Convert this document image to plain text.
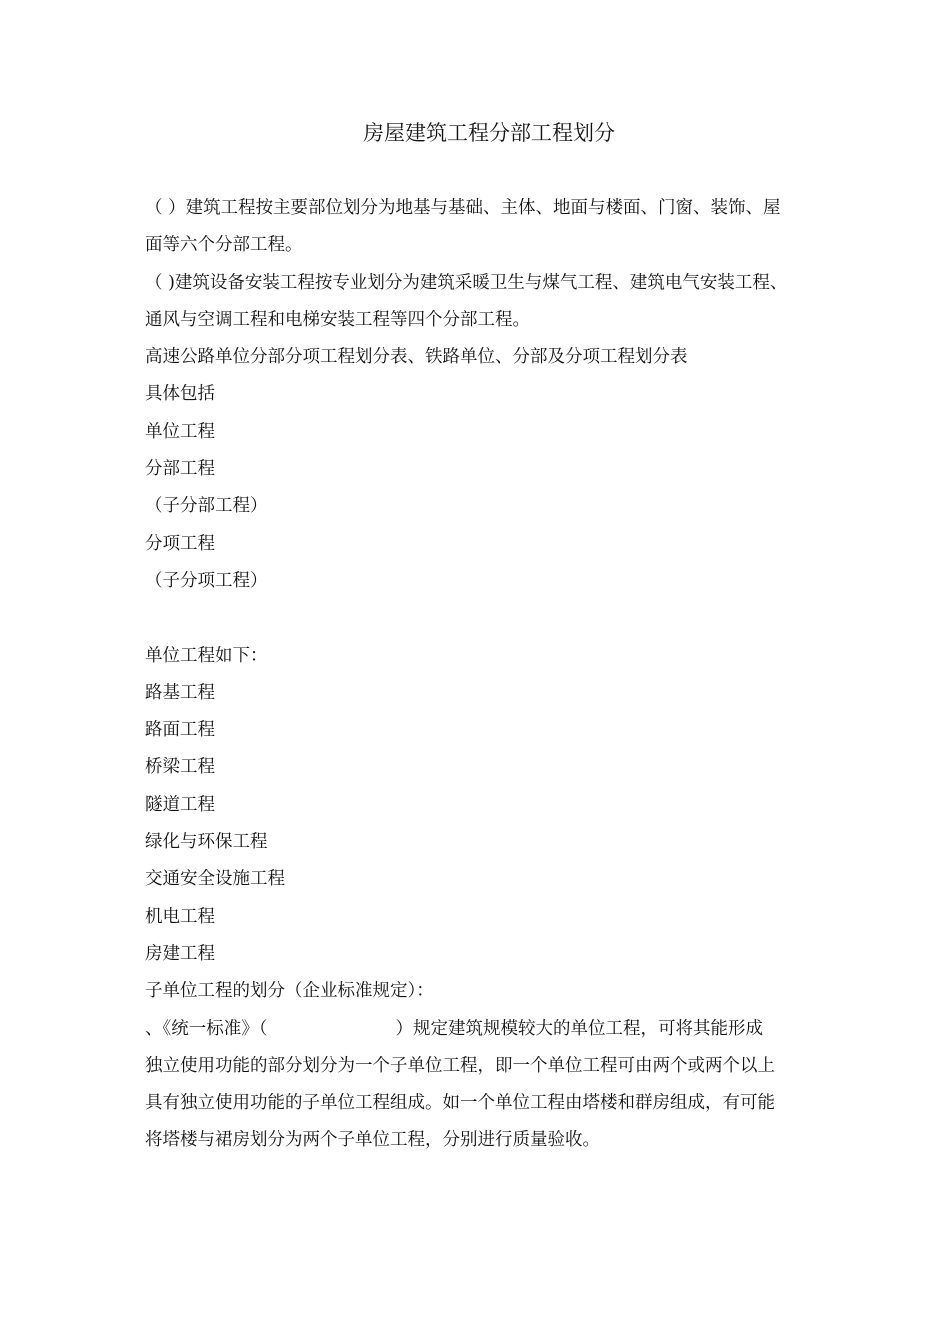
房屋建筑工程分部工程划分

（ ）建筑工程按主要部位划分为地基与基础、主体、地面与楼面、门窗、装饰、屋

面等六个分部工程。

（ )建筑设备安装工程按专业划分为建筑采暖卫生与煤气工程、建筑电气安装工程、

通风与空调工程和电梯安装工程等四个分部工程。

高速公路单位分部分项工程划分表、铁路单位、分部及分项工程划分表

具体包括

单位工程

分部工程

（子分部工程）

分项工程

（子分项工程）

单位工程如下：

路基工程

路面工程

桥梁工程

隧道工程

绿化与环保工程

交通安全设施工程

机电工程

房建工程

子单位工程的划分（企业标准规定）：

、《统一标准》（	）规定建筑规模较大的单位工程，可将其能形成

独立使用功能的部分划分为一个子单位工程，即一个单位工程可由两个或两个以上

具有独立使用功能的子单位工程组成。如一个单位工程由塔楼和群房组成，有可能

将塔楼与裙房划分为两个子单位工程，分别进行质量验收。
